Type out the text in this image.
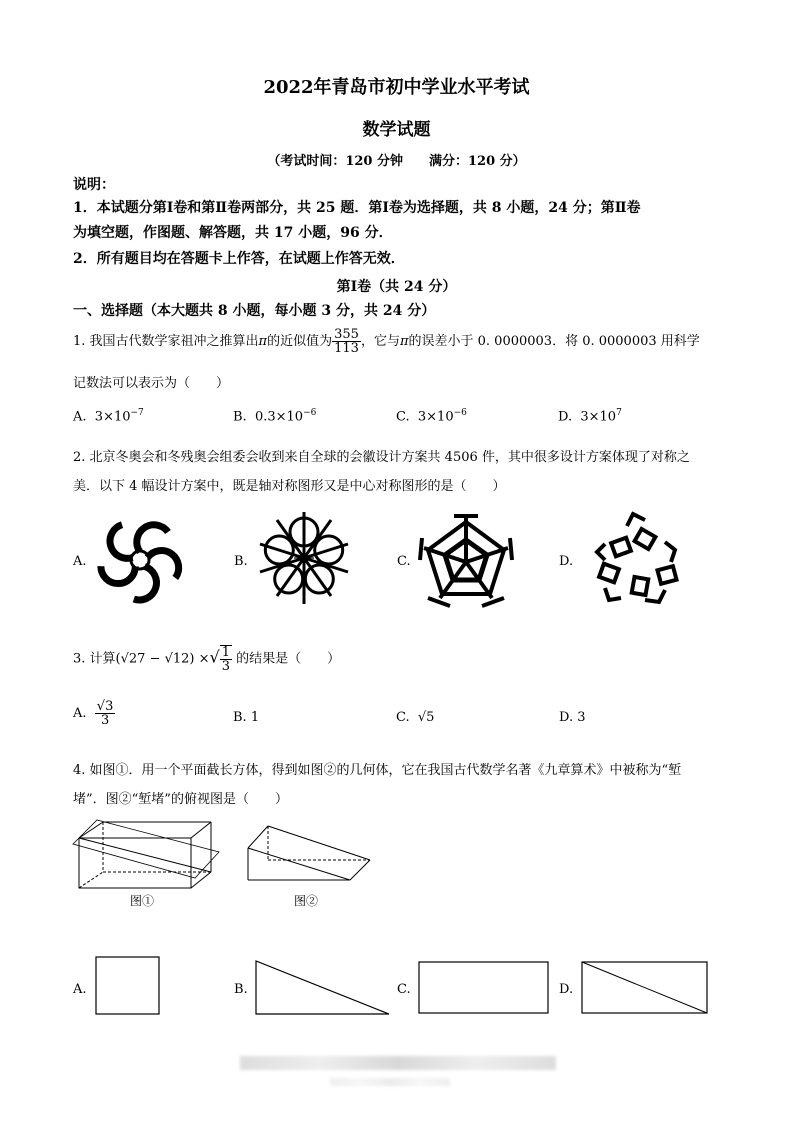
2022年青岛市初中学业水平考试
数学试题
（考试时间：120 分钟　　满分：120 分）
说明：
1．本试题分第Ⅰ卷和第Ⅱ卷两部分，共 25 题．第Ⅰ卷为选择题，共 8 小题，24 分；第Ⅱ卷
为填空题，作图题、解答题，共 17 小题，96 分．
2．所有题目均在答题卡上作答，在试题上作答无效．
第Ⅰ卷（共 24 分）
一、选择题（本大题共 8 小题，每小题 3 分，共 24 分）
1. 我国古代数学家祖冲之推算出π的近似值为 $\frac{355}{113}$ ，它与π的误差小于 0. 0000003．将 0. 0000003 用科学
记数法可以表示为（　　）
A. $3\times 10^{-7}$	B. $0.3\times 10^{-6}$	C. $3\times 10^{-6}$	D. $3\times 10^7$
2. 北京冬奥会和冬残奥会组委会收到来自全球的会徽设计方案共 4506 件，其中很多设计方案体现了对称之
美．以下 4 幅设计方案中，既是轴对称图形又是中心对称图形的是（　　）
A.	B.	C.	D.
3. 计算(√27 − √12) ×√ $\frac{1}{3}$ 的结果是（　　）
A. $\frac{√3}{3}$	B. 1	C. √5	D. 3
4. 如图①．用一个平面截长方体，得到如图②的几何体，它在我国古代数学名著《九章算术》中被称为“堑
堵”．图②“堑堵”的俯视图是（　　）
图①	图②
A.	B.	C.	D.
